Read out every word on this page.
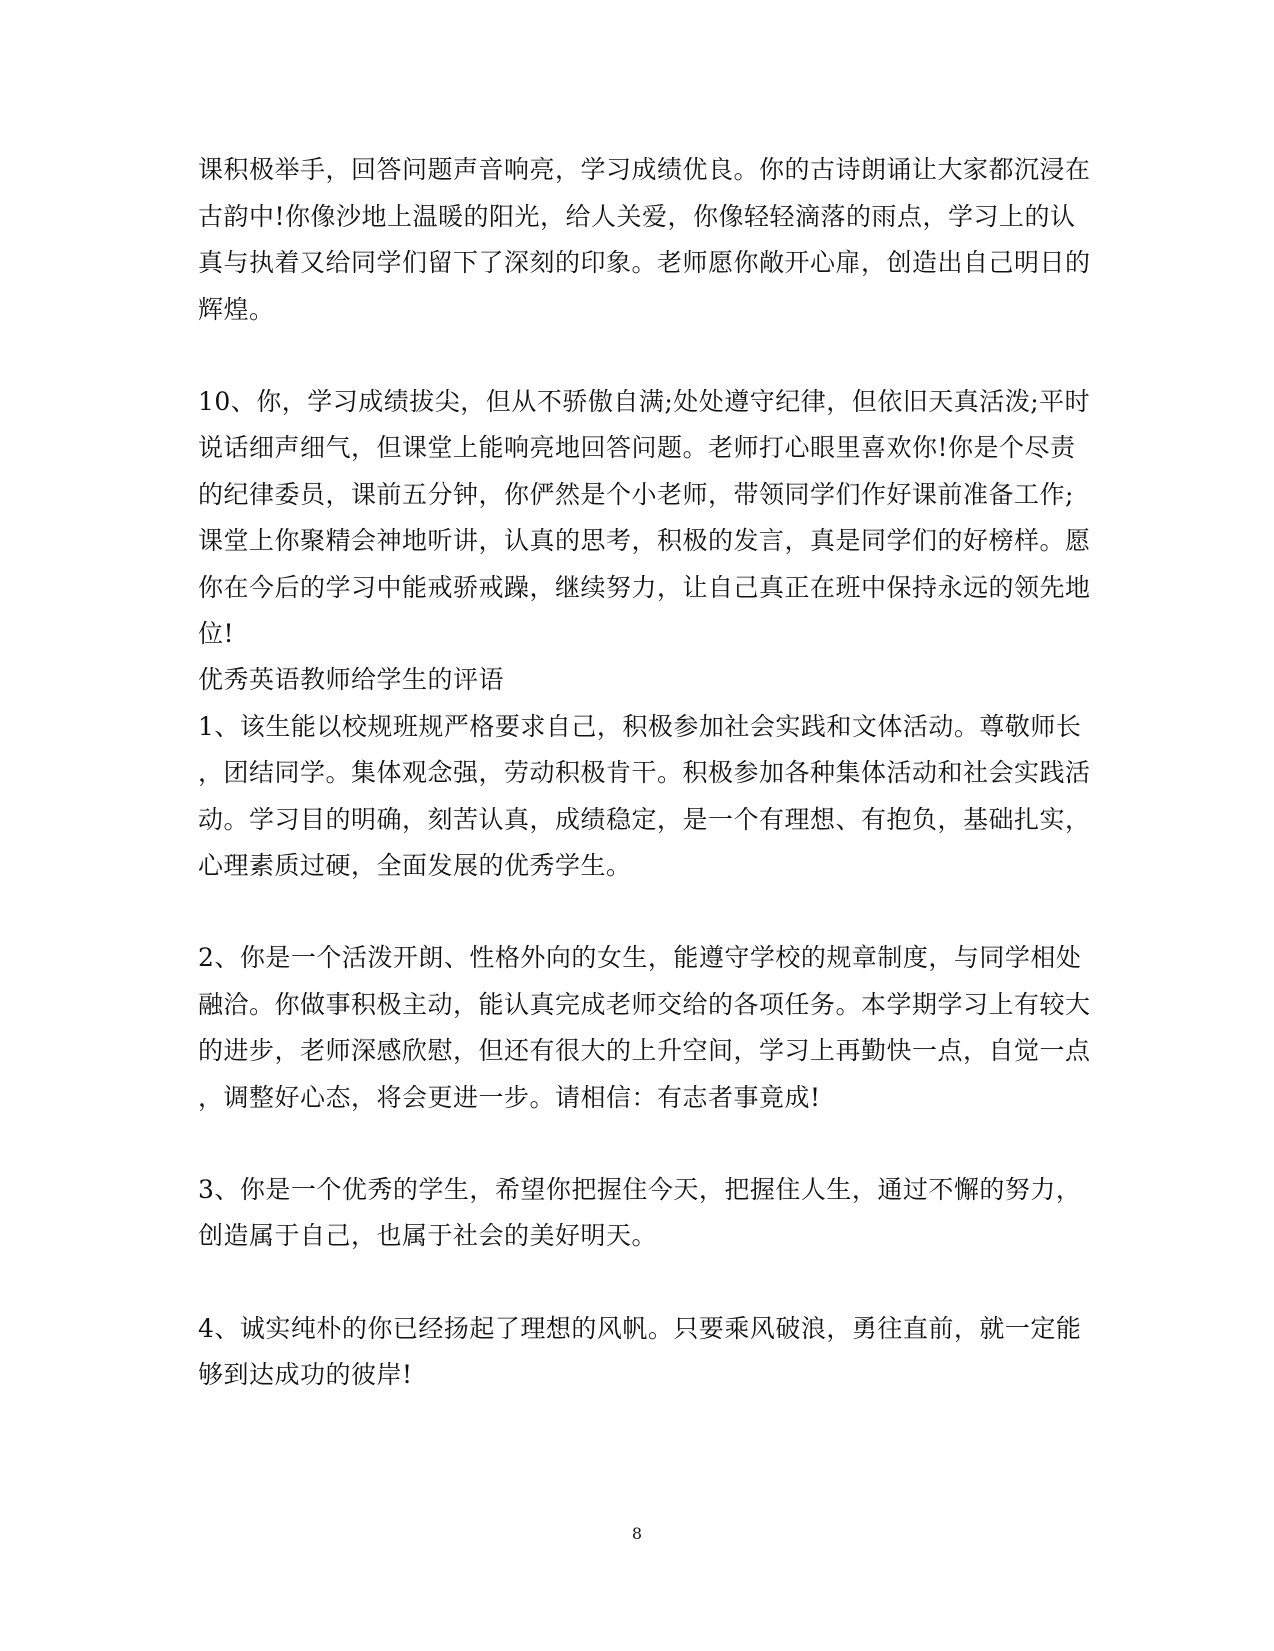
课积极举手，回答问题声音响亮，学习成绩优良。你的古诗朗诵让大家都沉浸在
古韵中!你像沙地上温暖的阳光，给人关爱，你像轻轻滴落的雨点，学习上的认
真与执着又给同学们留下了深刻的印象。老师愿你敞开心扉，创造出自己明日的
辉煌。
10、你，学习成绩拔尖，但从不骄傲自满;处处遵守纪律，但依旧天真活泼;平时
说话细声细气，但课堂上能响亮地回答问题。老师打心眼里喜欢你!你是个尽责
的纪律委员，课前五分钟，你俨然是个小老师，带领同学们作好课前准备工作;
课堂上你聚精会神地听讲，认真的思考，积极的发言，真是同学们的好榜样。愿
你在今后的学习中能戒骄戒躁，继续努力，让自己真正在班中保持永远的领先地
位!
优秀英语教师给学生的评语
1、该生能以校规班规严格要求自己，积极参加社会实践和文体活动。尊敬师长
，团结同学。集体观念强，劳动积极肯干。积极参加各种集体活动和社会实践活
动。学习目的明确，刻苦认真，成绩稳定，是一个有理想、有抱负，基础扎实，
心理素质过硬，全面发展的优秀学生。
2、你是一个活泼开朗、性格外向的女生，能遵守学校的规章制度，与同学相处
融洽。你做事积极主动，能认真完成老师交给的各项任务。本学期学习上有较大
的进步，老师深感欣慰，但还有很大的上升空间，学习上再勤快一点，自觉一点
，调整好心态，将会更进一步。请相信：有志者事竟成!
3、你是一个优秀的学生，希望你把握住今天，把握住人生，通过不懈的努力，
创造属于自己，也属于社会的美好明天。
4、诚实纯朴的你已经扬起了理想的风帆。只要乘风破浪，勇往直前，就一定能
够到达成功的彼岸!
8
